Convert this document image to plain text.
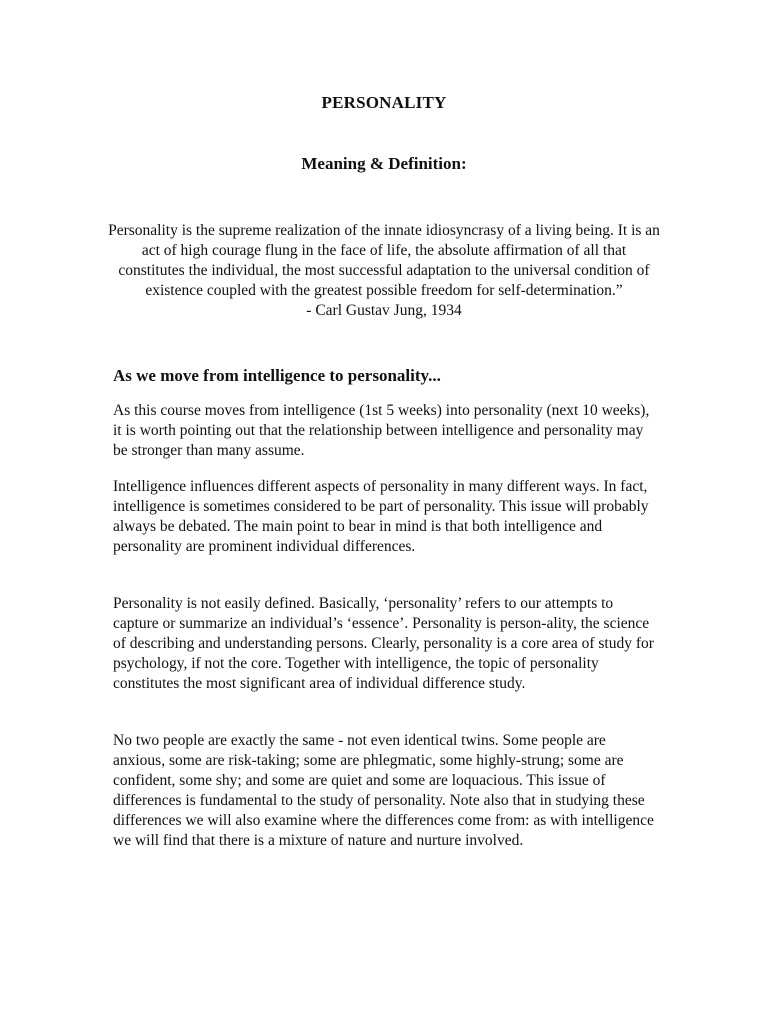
PERSONALITY
Meaning & Definition:

Personality is the supreme realization of the innate idiosyncrasy of a living being. It is an act of high courage flung in the face of life, the absolute affirmation of all that constitutes the individual, the most successful adaptation to the universal condition of existence coupled with the greatest possible freedom for self-determination.”

- Carl Gustav Jung, 1934

As we move from intelligence to personality...

As this course moves from intelligence (1st 5 weeks) into personality (next 10 weeks), it is worth pointing out that the relationship between intelligence and personality may be stronger than many assume.

Intelligence influences different aspects of personality in many different ways. In fact, intelligence is sometimes considered to be part of personality. This issue will probably always be debated. The main point to bear in mind is that both intelligence and personality are prominent individual differences.

Personality is not easily defined. Basically, ‘personality’ refers to our attempts to capture or summarize an individual’s ‘essence’. Personality is person-ality, the science of describing and understanding persons. Clearly, personality is a core area of study for psychology, if not the core. Together with intelligence, the topic of personality constitutes the most significant area of individual difference study.

No two people are exactly the same - not even identical twins. Some people are anxious, some are risk-taking; some are phlegmatic, some highly-strung; some are confident, some shy; and some are quiet and some are loquacious. This issue of differences is fundamental to the study of personality. Note also that in studying these differences we will also examine where the differences come from: as with intelligence we will find that there is a mixture of nature and nurture involved.
